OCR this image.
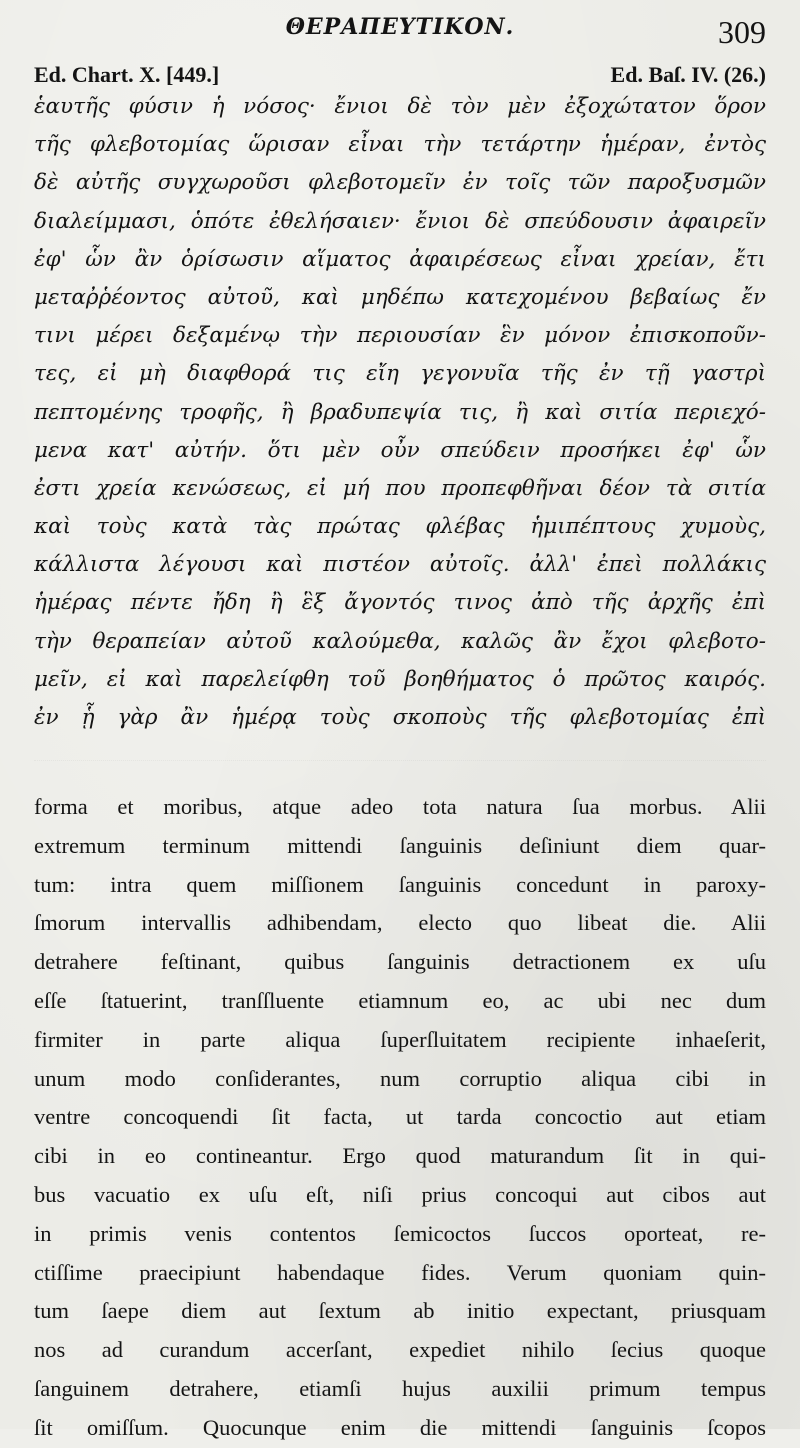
ΘΕΡΑΠΕΥΤΙΚΟΝ.	309
Ed. Chart. X. [449.]	Ed. Baſ. IV. (26.)
ἑαυτῆς φύσιν ἡ νόσος· ἔνιοι δὲ τὸν μὲν ἐξοχώτατον ὅρον
τῆς φλεβοτομίας ὥρισαν εἶναι τὴν τετάρτην ἡμέραν, ἐντὸς
δὲ αὐτῆς συγχωροῦσι φλεβοτομεῖν ἐν τοῖς τῶν παροξυσμῶν
διαλείμμασι, ὁπότε ἐθελήσαιεν· ἔνιοι δὲ σπεύδουσιν ἀφαιρεῖν
ἐφ' ὧν ἂν ὁρίσωσιν αἵματος ἀφαιρέσεως εἶναι χρείαν, ἔτι
μεταῤῥέοντος αὐτοῦ, καὶ μηδέπω κατεχομένου βεβαίως ἔν
τινι μέρει δεξαμένῳ τὴν περιουσίαν ἓν μόνον ἐπισκοποῦν-
τες, εἰ μὴ διαφθορά τις εἴη γεγονυῖα τῆς ἐν τῇ γαστρὶ
πεπτομένης τροφῆς, ἢ βραδυπεψία τις, ἢ καὶ σιτία περιεχό-
μενα κατ' αὐτήν. ὅτι μὲν οὖν σπεύδειν προσήκει ἐφ' ὧν
ἐστι χρεία κενώσεως, εἰ μή που προπεφθῆναι δέον τὰ σιτία
καὶ τοὺς κατὰ τὰς πρώτας φλέβας ἡμιπέπτους χυμοὺς,
κάλλιστα λέγουσι καὶ πιστέον αὐτοῖς. ἀλλ' ἐπεὶ πολλάκις
ἡμέρας πέντε ἤδη ἢ ἓξ ἄγοντός τινος ἀπὸ τῆς ἀρχῆς ἐπὶ
τὴν θεραπείαν αὐτοῦ καλούμεθα, καλῶς ἂν ἔχοι φλεβοτο-
μεῖν, εἰ καὶ παρελείφθη τοῦ βοηθήματος ὁ πρῶτος καιρός.
ἐν ᾗ γὰρ ἂν ἡμέρᾳ τοὺς σκοποὺς τῆς φλεβοτομίας ἐπὶ
forma et moribus, atque adeo tota natura ſua morbus. Alii
extremum terminum mittendi ſanguinis deſiniunt diem quar-
tum: intra quem miſſionem ſanguinis concedunt in paroxy-
ſmorum intervallis adhibendam, electo quo libeat die. Alii
detrahere feſtinant, quibus ſanguinis detractionem ex uſu
eſſe ſtatuerint, tranſſluente etiamnum eo, ac ubi nec dum
firmiter in parte aliqua ſuperſluitatem recipiente inhaeſerit,
unum modo conſiderantes, num corruptio aliqua cibi in
ventre concoquendi ſit facta, ut tarda concoctio aut etiam
cibi in eo contineantur. Ergo quod maturandum ſit in qui-
bus vacuatio ex uſu eſt, niſi prius concoqui aut cibos aut
in primis venis contentos ſemicoctos ſuccos oporteat, re-
ctiſſime praecipiunt habendaque fides. Verum quoniam quin-
tum ſaepe diem aut ſextum ab initio expectant, priusquam
nos ad curandum accerſant, expediet nihilo ſecius quoque
ſanguinem detrahere, etiamſi hujus auxilii primum tempus
ſit omiſſum. Quocunque enim die mittendi ſanguinis ſcopos
